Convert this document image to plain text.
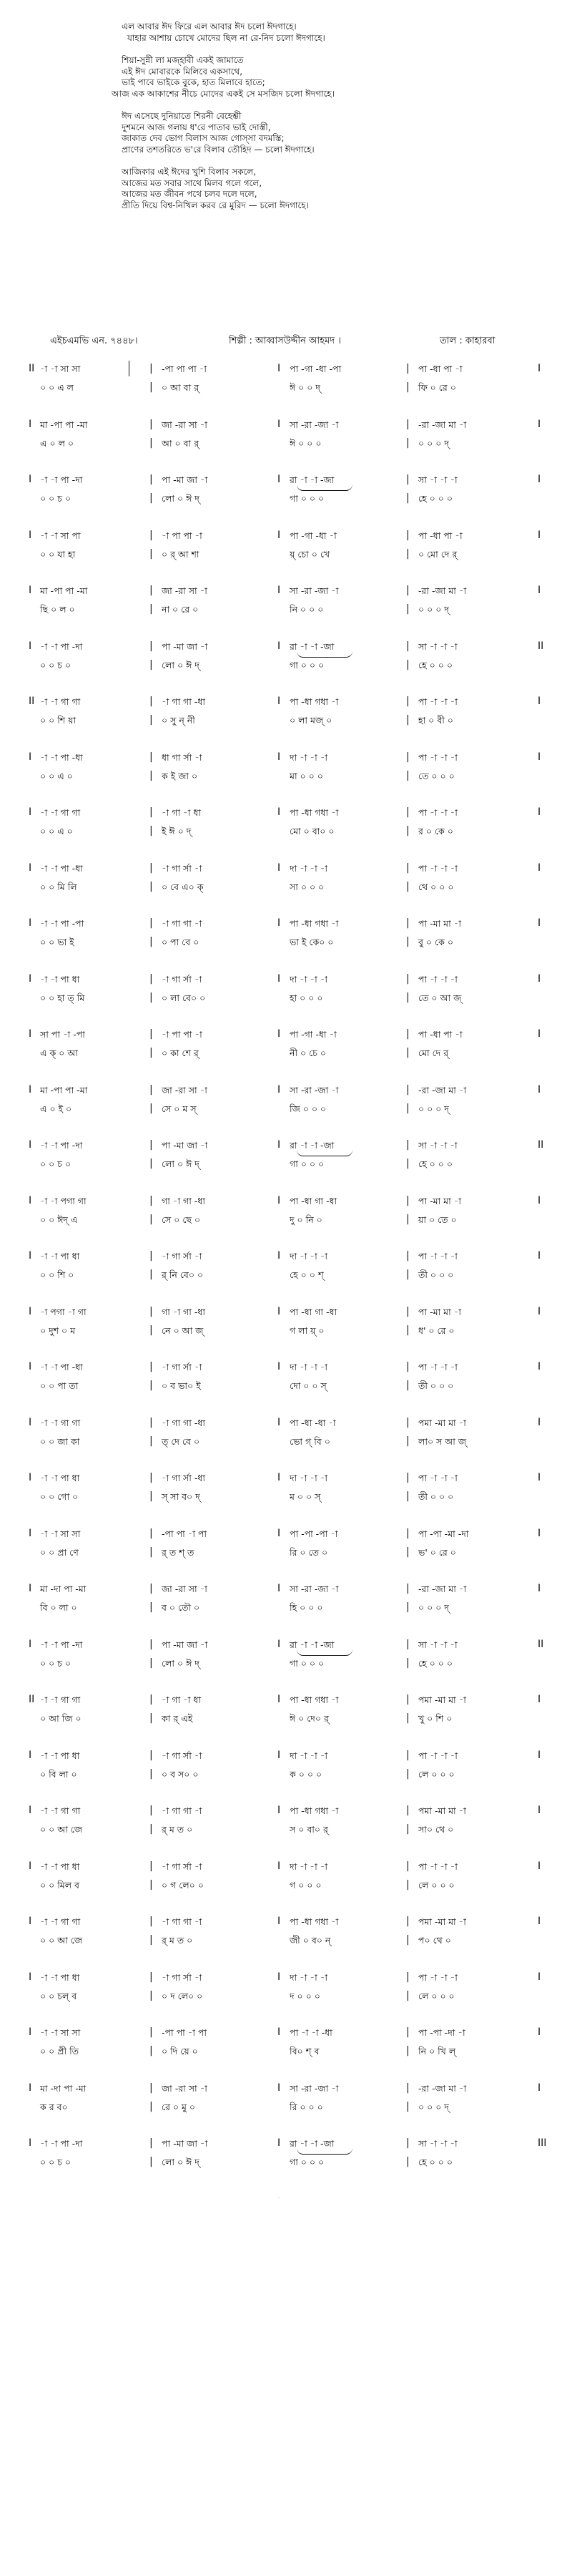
এল আবার ঈদ ফিরে এল আবার ঈদ চলো ঈদগাহে।
যাহার আশায় চোখে মোদের ছিল না রে-নিদ চলো ঈদগাহে।
শিয়া-সুন্নী লা মজ্হাবী একই জামাতে
এই ঈদ মোবারকে মিলিবে একসাথে,
ভাই পাবে ভাইকে বুকে, হাত মিলাবে হাতে;
আজ এক আকাশের নীচে মোদের একই সে মসজিদ চলো ঈদগাহে।
ঈদ এসেছে দুনিয়াতে শিরনী বেহেশ্তী
দুশমনে আজ গলায় ধ'রে পাতাব ভাই দোস্তী,
জাকাত দেব ভোগ বিলাস আজ গোস্সা বদমস্তি;
প্রাণের তশতরিতে ভ'রে বিলাব তৌহিদ — চলো ঈদগাহে।
আজিকার এই ঈদের খুশি বিলাব সকলে,
আজের মত সবার সাথে মিলব গলে গলে,
আজের মত জীবন পথে চলব দলে দলে,
প্রীতি দিয়ে বিশ্ব-নিখিল করব রে মুরিদ — চলো ঈদগাহে।
এইচএমভি এন. ৭৪৪৮।	শিল্পী : আব্বাসউদ্দীন আহমদ ।	তাল : কাহারবা
II -া -া সা সা	-পা পা পা -া	পা -গা -ধা -পা	পা -ধা পা -া
|	I	|	I
০ ০ এ ল	০ আ বা র্	ঈ ০ ০ দ্	ফি ০ রে ০
|	|
I মা -পা পা -মা	জা -রা সা -া	সা -রা -জা -া	-রা -জা মা -া
|	I	|	I
এ ০ ল ০	আ ০ বা র্	ঈ ০ ০ ০	০ ০ ০ দ্
|	|
I -া -া পা -দা	পা -মা জা -া	রা -া -া -জা	সা -া -া -া
|	I	|	I
০ ০ চ ০	লো ০ ঈ দ্	গা ০ ০ ০	হে ০ ০ ০
|	|
I -া -া সা পা	-া পা পা -া	পা -গা -ধা -া	পা -ধা পা -া
|	I	|	I
০ ০ যা হা	০ র্ আ শা	য়্ চো ০ খে	০ মো দে র্
|	|
I মা -পা পা -মা	জা -রা সা -া	সা -রা -জা -া	-রা -জা মা -া
|	I	|	I
ছি ০ ল ০	না ০ রে ০	নি ০ ০ ০	০ ০ ০ দ্
|	|
I -া -া পা -দা	পা -মা জা -া	রা -া -া -জা	সা -া -া -া
|	I	|	II
০ ০ চ ০	লো ০ ঈ দ্	গা ০ ০ ০	হে ০ ০ ০
|	|
II -া -া গা গা	-া গা গা -ধা	পা -ধা গধা -া	পা -া -া -া
|	I	|	I
০ ০ শি য়া	০ সু ন্ নী	০ লা মজ্ ০	হা ০ বী ০
|	|
I -া -া পা -ধা	ধা গা র্সা -া	দা -া -া -া	পা -া -া -া
|	I	|	I
০ ০ এ ০	ক ই জা ০	মা ০ ০ ০	তে ০ ০ ০
|	|
I -া -া গা গা	-া গা -া ধা	পা -ধা গধা -া	পা -া -া -া
|	I	|	I
০ ০ এ ০	ই ঈ ০ দ্	মো ০ বা০ ০	র ০ কে ০
|	|
I -া -া পা -ধা	-া গা র্সা -া	দা -া -া -া	পা -া -া -া
|	I	|	I
০ ০ মি লি	০ বে এ০ ক্	সা ০ ০ ০	থে ০ ০ ০
|	|
I -া -া পা -পা	-া গা গা -া	পা -ধা গধা -া	পা -মা মা -া
|	I	|	I
০ ০ ভা ই	০ পা বে ০	ভা ই কে০ ০	বু ০ কে ০
|	|
I -া -া পা ধা	-া গা র্সা -া	দা -া -া -া	পা -া -া -া
|	I	|	I
০ ০ হা ত্ মি	০ লা বে০ ০	হা ০ ০ ০	তে ০ আ জ্
|	|
I সা পা -া -পা	-া পা পা -া	পা -গা -ধা -া	পা -ধা পা -া
|	I	|	I
এ ক্ ০ আ	০ কা শে র্	নী ০ চে ০	মো দে র্
|	|
I মা -পা পা -মা	জা -রা সা -া	সা -রা -জা -া	-রা -জা মা -া
|	I	|	I
এ ০ ই ০	সে ০ ম স্	জি ০ ০ ০	০ ০ ০ দ্
|	|
I -া -া পা -দা	পা -মা জা -া	রা -া -া -জা	সা -া -া -া
|	I	|	II
০ ০ চ ০	লো ০ ঈ দ্	গা ০ ০ ০	হে ০ ০ ০
|	|
I -া -া পগা গা	গা -া গা -ধা	পা -ধা গা -ধা	পা -মা মা -া
|	I	|	I
০ ০ ঈদ্ এ	সে ০ ছে ০	দু ০ নি ০	য়া ০ তে ০
|	|
I -া -া পা ধা	-া গা র্সা -া	দা -া -া -া	পা -া -া -া
|	I	|	I
০ ০ শি ০	র্ নি বে০ ০	হে ০ ০ শ্	তী ০ ০ ০
|	|
I -া পগা -া গা	গা -া গা -ধা	পা -ধা গা -ধা	পা -মা মা -া
|	I	|	I
০ দুশ ০ ম	নে ০ আ জ্	গ লা য়্ ০	ধ' ০ রে ০
|	|
I -া -া পা -ধা	-া গা র্সা -া	দা -া -া -া	পা -া -া -া
|	I	|	I
০ ০ পা তা	০ ব ভা০ ই	দো ০ ০ স্	তী ০ ০ ০
|	|
I -া -া গা গা	-া গা গা -ধা	পা -ধা -ধা -া	পমা -মা মা -া
|	I	|	I
০ ০ জা কা	ত্ দে বে ০	ভো গ্ বি ০	লা০ স আ জ্
|	|
I -া -া পা ধা	-া গা র্সা -ধা	দা -া -া -া	পা -া -া -া
|	I	|	I
০ ০ গো ০	স্ সা ব০ দ্	ম ০ ০ স্	তী ০ ০ ০
|	|
I -া -া সা সা	-পা পা -া পা	পা -পা -পা -া	পা -পা -মা -দা
|	I	|	I
০ ০ প্রা ণে	র্ ত শ্ ত	রি ০ তে ০	ভ' ০ রে ০
|	|
I মা -দা পা -মা	জা -রা সা -া	সা -রা -জা -া	-রা -জা মা -া
|	I	|	I
বি ০ লা ০	ব ০ তৌ ০	হি ০ ০ ০	০ ০ ০ দ্
|	|
I -া -া পা -দা	পা -মা জা -া	রা -া -া -জা	সা -া -া -া
|	I	|	II
০ ০ চ ০	লো ০ ঈ দ্	গা ০ ০ ০	হে ০ ০ ০
|	|
II -া -া গা গা	-া গা -া ধা	পা -ধা গধা -া	পমা -মা মা -া
|	I	|	I
০ আ জি ০	কা র্ এই	ঈ ০ দে০ র্	খু ০ শি ০
|	|
I -া -া পা ধা	-া গা র্সা -া	দা -া -া -া	পা -া -া -া
|	I	|	I
০ বি লা ০	০ ব স০ ০	ক ০ ০ ০	লে ০ ০ ০
|	|
I -া -া গা গা	-া গা গা -া	পা -ধা গধা -া	পমা -মা মা -া
|	I	|	I
০ ০ আ জে	র্ ম ত ০	স ০ বা০ র্	সা০ থে ০
|	|
I -া -া পা ধা	-া গা র্সা -া	দা -া -া -া	পা -া -া -া
|	I	|	I
০ ০ মিল ব	০ গ লে০ ০	গ ০ ০ ০	লে ০ ০ ০
|	|
I -া -া গা গা	-া গা গা -া	পা -ধা গধা -া	পমা -মা মা -া
|	I	|	I
০ ০ আ জে	র্ ম ত ০	জী ০ ব০ ন্	প০ থে ০
|	|
I -া -া পা ধা	-া গা র্সা -া	দা -া -া -া	পা -া -া -া
|	I	|	I
০ ০ চল্ ব	০ দ লে০ ০	দ ০ ০ ০	লে ০ ০ ০
|	|
I -া -া সা সা	-পা পা -া পা	পা -া -া -ধা	পা -পা -দা -া
|	I	|	I
০ ০ প্রী তি	০ দি য়ে ০	বি০ শ্ ব	নি ০ খি ল্
|	|
I মা -দা পা -মা	জা -রা সা -া	সা -রা -জা -া	-রা -জা মা -া
|	I	|	I
ক র ব০	রে ০ মু ০	রি ০ ০ ০	০ ০ ০ দ্
|	|
I -া -া পা -দা	পা -মা জা -া	রা -া -া -জা	সা -া -া -া
|	I	|	III
০ ০ চ ০	লো ০ ঈ দ্	গা ০ ০ ০	হে ০ ০ ০
|	|
·
